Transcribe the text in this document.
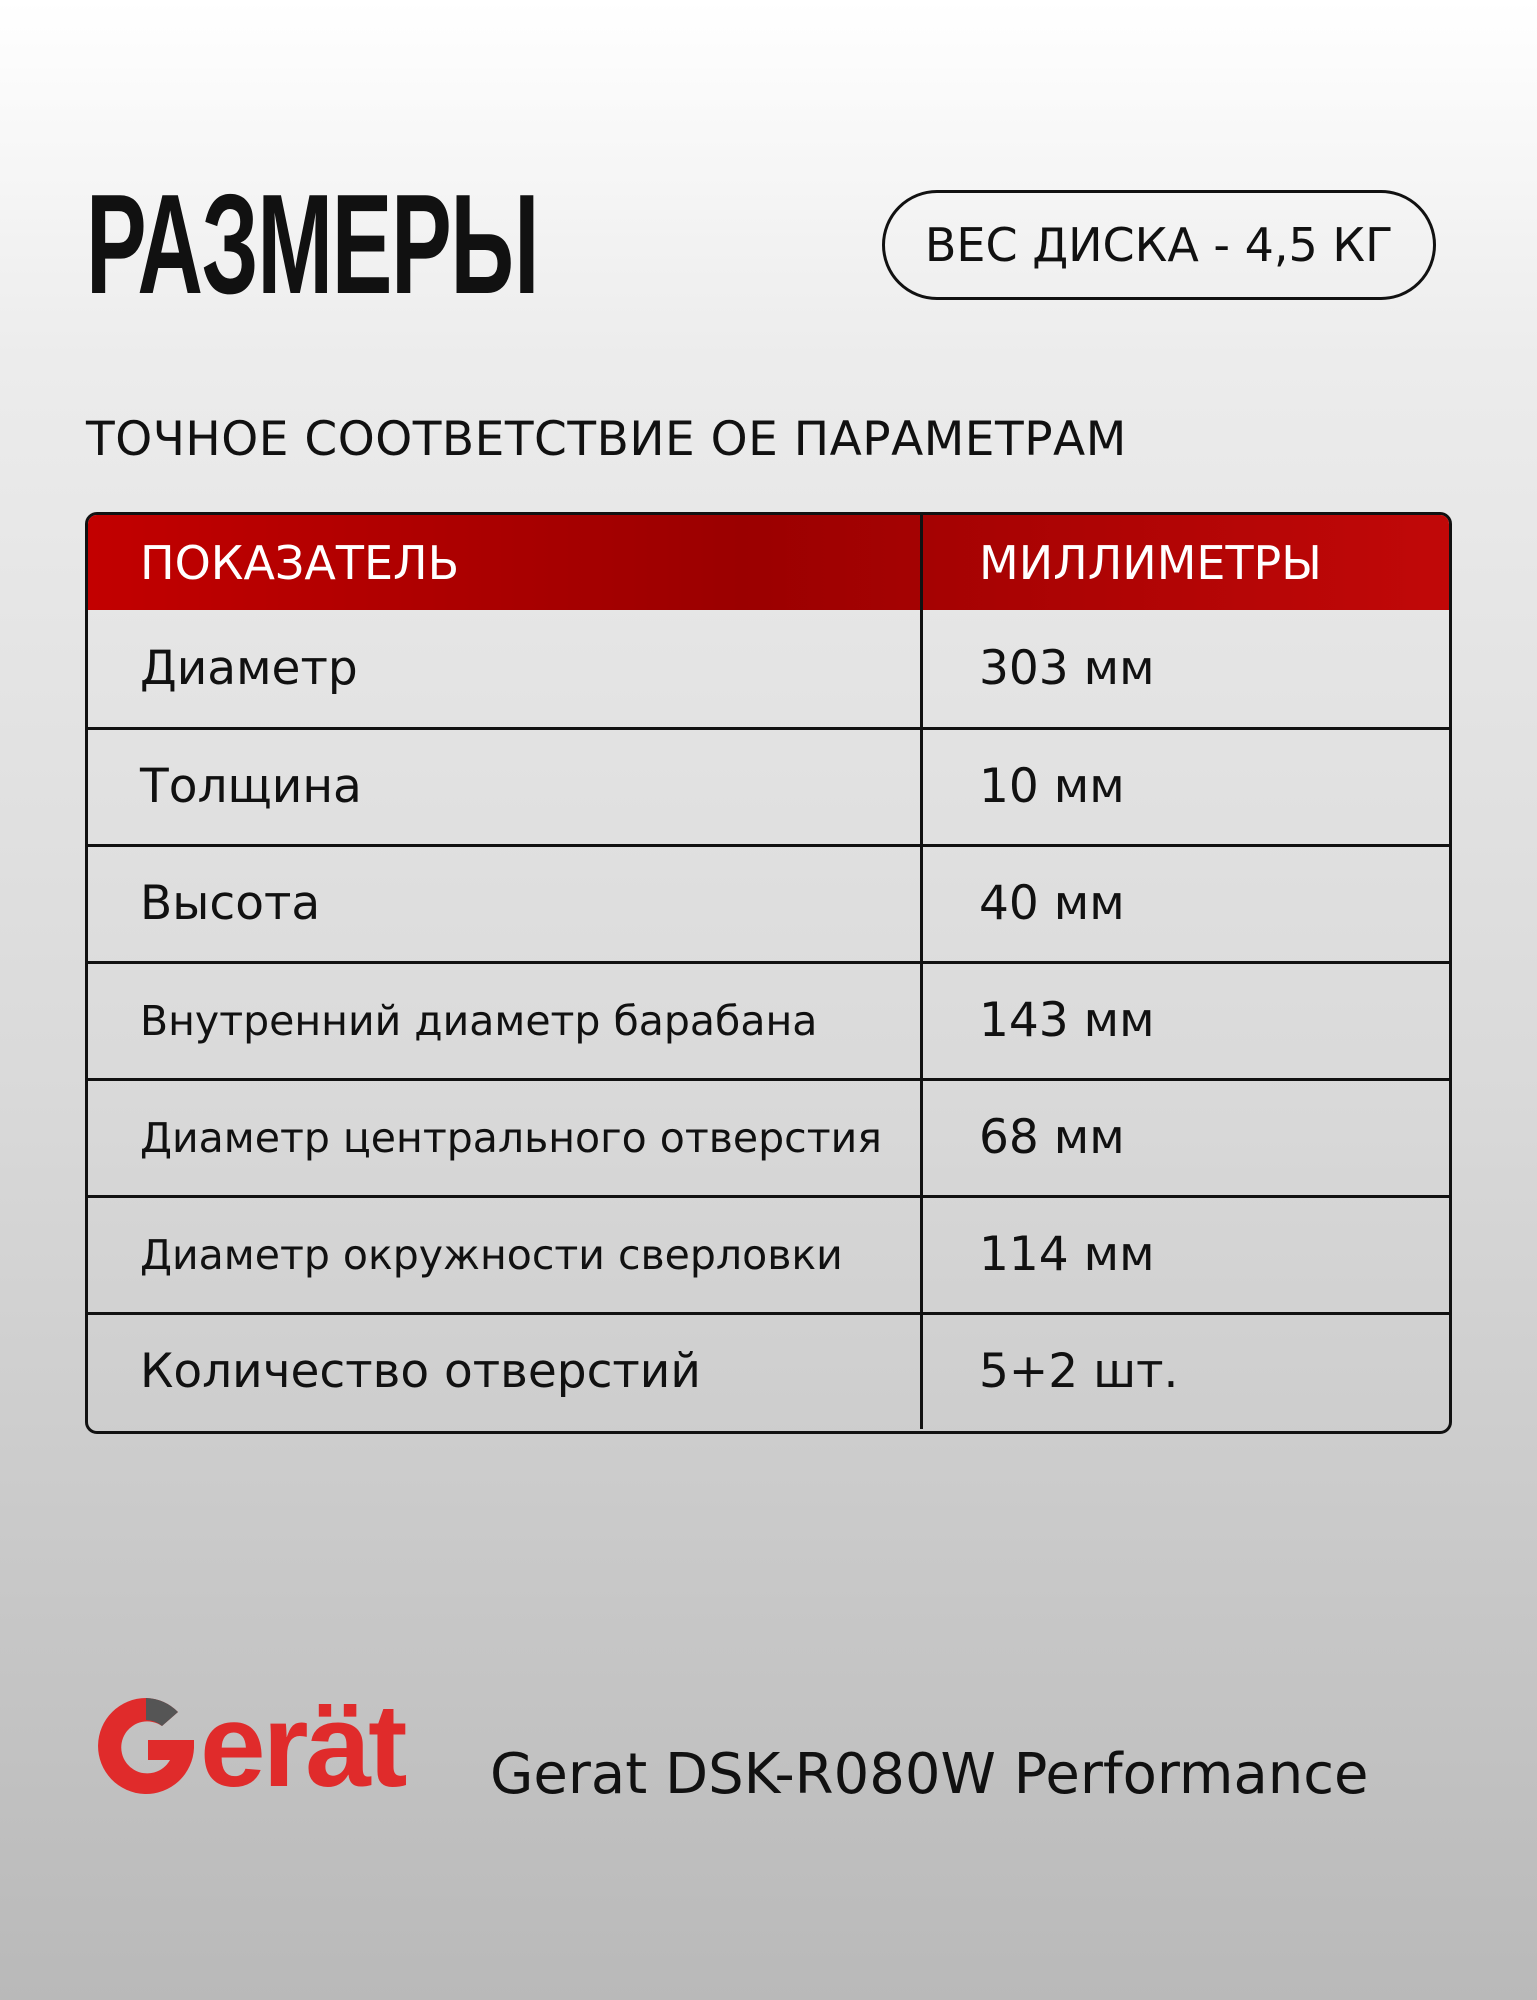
РАЗМЕРЫ	ВЕС ДИСКА - 4,5 КГ
ТОЧНОЕ СООТВЕТСТВИЕ ОЕ ПАРАМЕТРАМ
ПОКАЗАТЕЛЬ	МИЛЛИМЕТРЫ
Диаметр	303 мм
Толщина	10 мм
Высота	40 мм
Внутренний диаметр барабана	143 мм
Диаметр центрального отверстия	68 мм
Диаметр окружности сверловки	114 мм
Количество отверстий	5+2 шт.
erät Gerat DSK-R080W Performance
